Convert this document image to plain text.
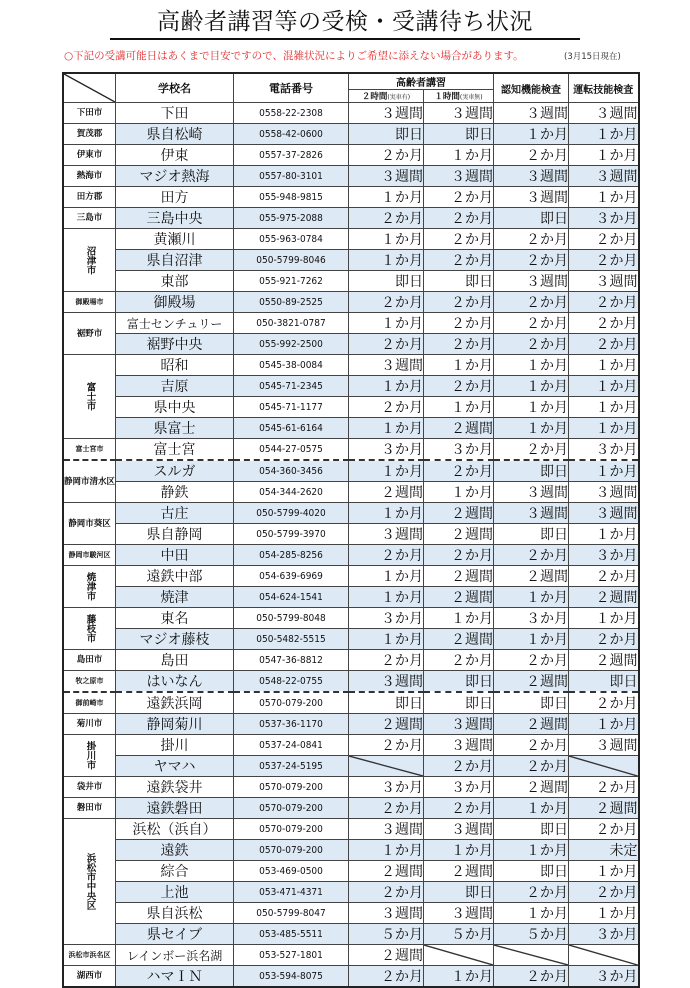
高齢者講習等の受検・受講待ち状況
○下記の受講可能日はあくまで目安ですので、混雑状況によりご希望に添えない場合があります。	(3月15日現在)
	学校名	電話番号	高齢者講習		認知機能検査	運転技能検査
			２時間(実車有)	１時間(実車無)		
下田市	下田	0558-22-2308	３週間	３週間	３週間	３週間
賀茂郡	県自松崎	0558-42-0600	即日	即日	１か月	１か月
伊東市	伊東	0557-37-2826	２か月	１か月	２か月	１か月
熱海市	マジオ熱海	0557-80-3101	３週間	３週間	３週間	３週間
田方郡	田方	055-948-9815	１か月	２か月	３週間	１か月
三島市	三島中央	055-975-2088	２か月	２か月	即日	３か月
沼津市	黄瀬川	055-963-0784	１か月	２か月	２か月	２か月
	県自沼津	050-5799-8046	１か月	２か月	２か月	２か月
	東部	055-921-7262	即日	即日	３週間	３週間
御殿場市	御殿場	0550-89-2525	２か月	２か月	２か月	２か月
裾野市	富士センチュリー	050-3821-0787	１か月	２か月	２か月	２か月
	裾野中央	055-992-2500	２か月	２か月	２か月	２か月
富士市	昭和	0545-38-0084	３週間	１か月	１か月	１か月
	吉原	0545-71-2345	１か月	２か月	１か月	１か月
	県中央	0545-71-1177	２か月	１か月	１か月	１か月
	県富士	0545-61-6164	１か月	２週間	１か月	１か月
富士宮市	富士宮	0544-27-0575	３か月	３か月	２か月	３か月
静岡市清水区	スルガ	054-360-3456	１か月	２か月	即日	１か月
	静鉄	054-344-2620	２週間	１か月	３週間	３週間
静岡市葵区	古庄	050-5799-4020	１か月	２週間	３週間	３週間
	県自静岡	050-5799-3970	３週間	２週間	即日	１か月
静岡市駿河区	中田	054-285-8256	２か月	２か月	２か月	３か月
焼津市	遠鉄中部	054-639-6969	１か月	２週間	２週間	２か月
	焼津	054-624-1541	１か月	２週間	１か月	２週間
藤枝市	東名	050-5799-8048	３か月	１か月	３か月	１か月
	マジオ藤枝	050-5482-5515	１か月	２週間	１か月	２か月
島田市	島田	0547-36-8812	２か月	２か月	２か月	２週間
牧之原市	はいなん	0548-22-0755	３週間	即日	２週間	即日
御前崎市	遠鉄浜岡	0570-079-200	即日	即日	即日	２か月
菊川市	静岡菊川	0537-36-1170	２週間	３週間	２週間	１か月
掛川市	掛川	0537-24-0841	２か月	３週間	２か月	３週間
	ヤマハ	0537-24-5195		２か月	２か月	

袋井市	遠鉄袋井	0570-079-200	３か月	３か月	２週間	２か月
磐田市	遠鉄磐田	0570-079-200	２か月	２か月	１か月	２週間
浜松市中央区	浜松（浜自）	0570-079-200	３週間	３週間	即日	２か月
	遠鉄	0570-079-200	１か月	１か月	１か月	未定
	綜合	053-469-0500	２週間	２週間	即日	１か月
	上池	053-471-4371	２か月	即日	２か月	２か月
	県自浜松	050-5799-8047	３週間	３週間	１か月	１か月
	県セイブ	053-485-5511	５か月	５か月	５か月	３か月
浜松市浜名区	レインボー浜名湖	053-527-1801	２週間	

湖西市	ハマＩＮ	053-594-8075	２か月	１か月	２か月	３か月
